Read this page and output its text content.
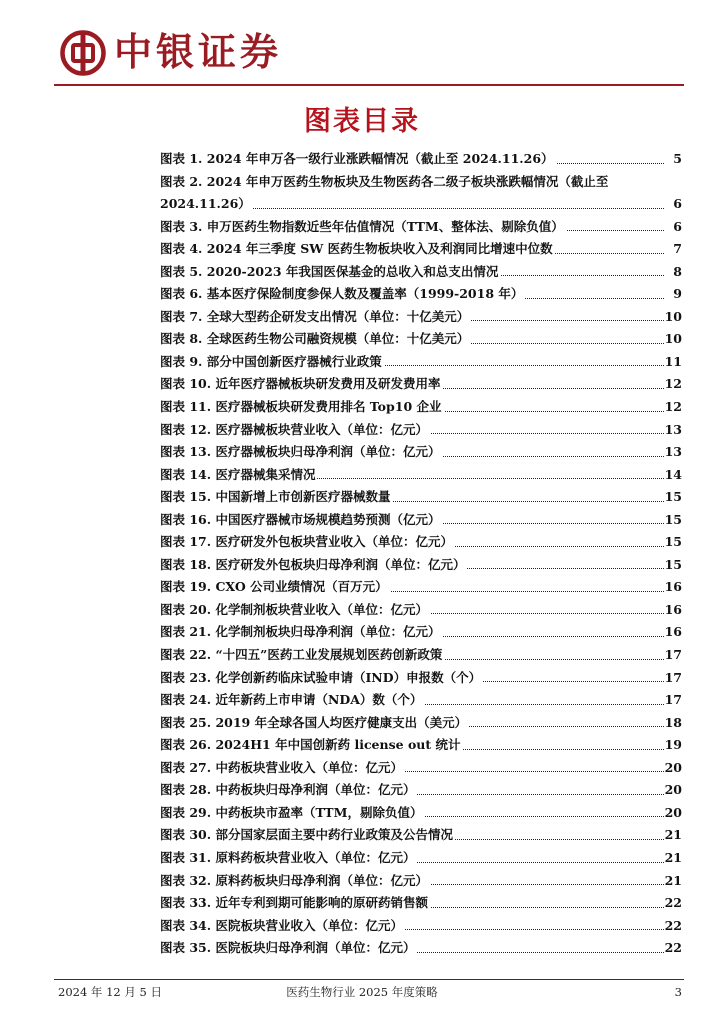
中银证券
图表目录
图表 1. 2024 年申万各一级行业涨跌幅情况（截止至 2024.11.26）	5
图表 2. 2024 年申万医药生物板块及生物医药各二级子板块涨跌幅情况（截止至
2024.11.26）	6
图表 3. 申万医药生物指数近些年估值情况（TTM、整体法、剔除负值）	6
图表 4. 2024 年三季度 SW 医药生物板块收入及利润同比增速中位数	7
图表 5. 2020-2023 年我国医保基金的总收入和总支出情况	8
图表 6. 基本医疗保险制度参保人数及覆盖率（1999-2018 年）	9
图表 7. 全球大型药企研发支出情况（单位：十亿美元）	10
图表 8. 全球医药生物公司融资规模（单位：十亿美元）	10
图表 9. 部分中国创新医疗器械行业政策	11
图表 10. 近年医疗器械板块研发费用及研发费用率	12
图表 11. 医疗器械板块研发费用排名 Top10 企业	12
图表 12. 医疗器械板块营业收入（单位：亿元）	13
图表 13. 医疗器械板块归母净利润（单位：亿元）	13
图表 14. 医疗器械集采情况	14
图表 15. 中国新增上市创新医疗器械数量	15
图表 16. 中国医疗器械市场规模趋势预测（亿元）	15
图表 17. 医疗研发外包板块营业收入（单位：亿元）	15
图表 18. 医疗研发外包板块归母净利润（单位：亿元）	15
图表 19. CXO 公司业绩情况（百万元）	16
图表 20. 化学制剂板块营业收入（单位：亿元）	16
图表 21. 化学制剂板块归母净利润（单位：亿元）	16
图表 22. “十四五”医药工业发展规划医药创新政策	17
图表 23. 化学创新药临床试验申请（IND）申报数（个）	17
图表 24. 近年新药上市申请（NDA）数（个）	17
图表 25. 2019 年全球各国人均医疗健康支出（美元）	18
图表 26. 2024H1 年中国创新药 license out 统计	19
图表 27. 中药板块营业收入（单位：亿元）	20
图表 28. 中药板块归母净利润（单位：亿元）	20
图表 29. 中药板块市盈率（TTM，剔除负值）	20
图表 30. 部分国家层面主要中药行业政策及公告情况	21
图表 31. 原料药板块营业收入（单位：亿元）	21
图表 32. 原料药板块归母净利润（单位：亿元）	21
图表 33. 近年专利到期可能影响的原研药销售额	22
图表 34. 医院板块营业收入（单位：亿元）	22
图表 35. 医院板块归母净利润（单位：亿元）	22
2024 年 12 月 5 日	医药生物行业 2025 年度策略	3
